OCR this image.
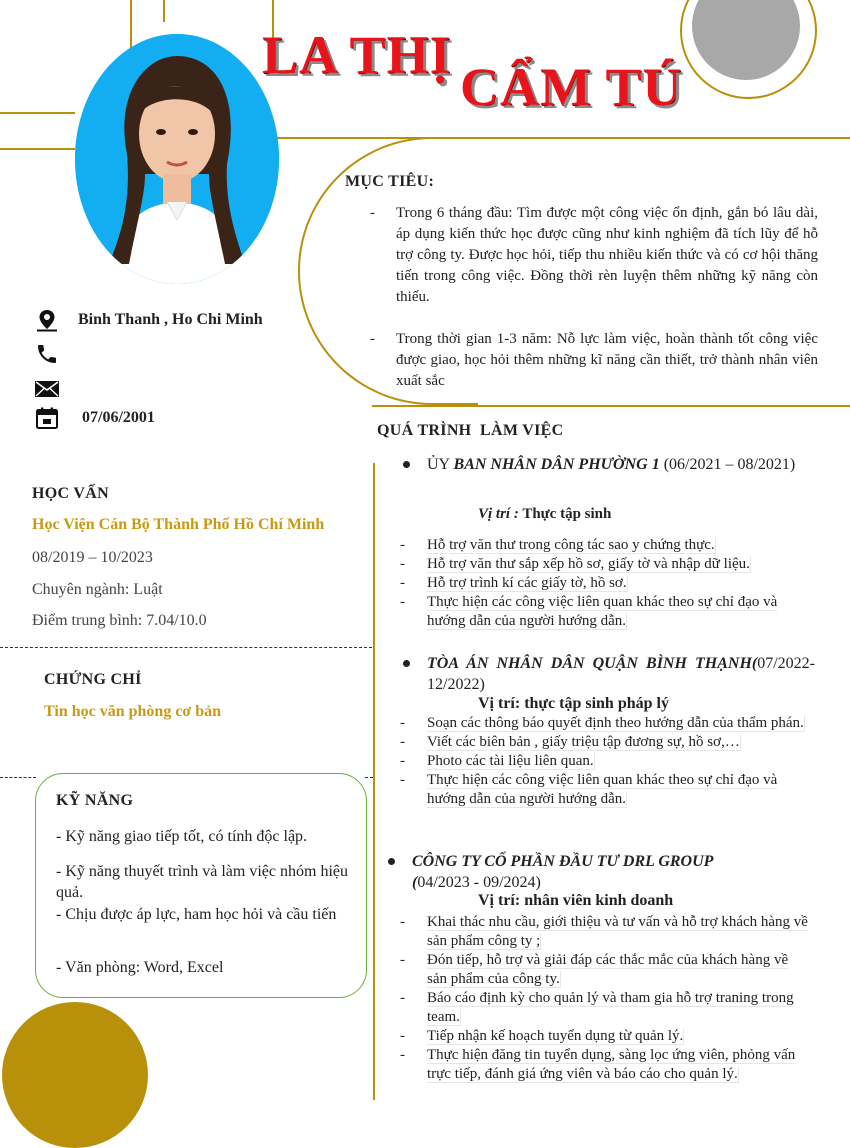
LA THỊ
CẨM TÚ
Binh Thanh , Ho Chi Minh
07/06/2001
HỌC VẤN
Học Viện Cán Bộ Thành Phố Hồ Chí Minh
08/2019 – 10/2023
Chuyên ngành: Luật
Điểm trung bình: 7.04/10.0
CHỨNG CHỈ
Tin học văn phòng cơ bản
KỸ NĂNG
- Kỹ năng giao tiếp tốt, có tính độc lập.
- Kỹ năng thuyết trình và làm việc nhóm hiệu quả.
- Chịu được áp lực, ham học hỏi và cầu tiến
- Văn phòng: Word, Excel
MỤC TIÊU:
- Trong 6 tháng đầu: Tìm được một công việc ổn định, gắn bó lâu dài, áp dụng kiến thức học được cũng như kinh nghiệm đã tích lũy để hỗ trợ công ty. Được học hỏi, tiếp thu nhiều kiến thức và có cơ hội thăng tiến trong công việc. Đồng thời rèn luyện thêm những kỹ năng còn thiếu.
- Trong thời gian 1-3 năm: Nỗ lực làm việc, hoàn thành tốt công việc được giao, học hỏi thêm những kĩ năng cần thiết, trở thành nhân viên xuất sắc
QUÁ TRÌNH  LÀM VIỆC
ỦY BAN NHÂN DÂN PHƯỜNG 1 (06/2021 – 08/2021)
Vị trí : Thực tập sinh
- Hỗ trợ văn thư trong công tác sao y chứng thực.
- Hỗ trợ văn thư sắp xếp hồ sơ, giấy tờ và nhập dữ liệu.
- Hỗ trợ trình kí các giấy tờ, hồ sơ.
- Thực hiện các công việc liên quan khác theo sự chỉ đạo và hướng dẫn của người hướng dẫn.
TÒA ÁN NHÂN DÂN QUẬN BÌNH THẠNH(07/2022- 12/2022)
Vị trí: thực tập sinh pháp lý
- Soạn các thông báo quyết định theo hướng dẫn của thẩm phán.
- Viết các biên bản , giấy triệu tập đương sự, hồ sơ,…
- Photo các tài liệu liên quan.
- Thực hiện các công việc liên quan khác theo sự chỉ đạo và hướng dẫn của người hướng dẫn.
CÔNG TY CỔ PHẦN ĐẦU TƯ DRL GROUP
(04/2023 - 09/2024)
Vị trí: nhân viên kinh doanh
- Khai thác nhu cầu, giới thiệu và tư vấn và hỗ trợ khách hàng về sản phẩm công ty ;
- Đón tiếp, hỗ trợ và giải đáp các thắc mắc của khách hàng về sản phẩm của công ty.
- Báo cáo định kỳ cho quản lý và tham gia hỗ trợ traning trong team.
- Tiếp nhận kế hoạch tuyển dụng từ quản lý.
- Thực hiện đăng tin tuyển dụng, sàng lọc ứng viên, phỏng vấn trực tiếp, đánh giá ứng viên và báo cáo cho quản lý.
